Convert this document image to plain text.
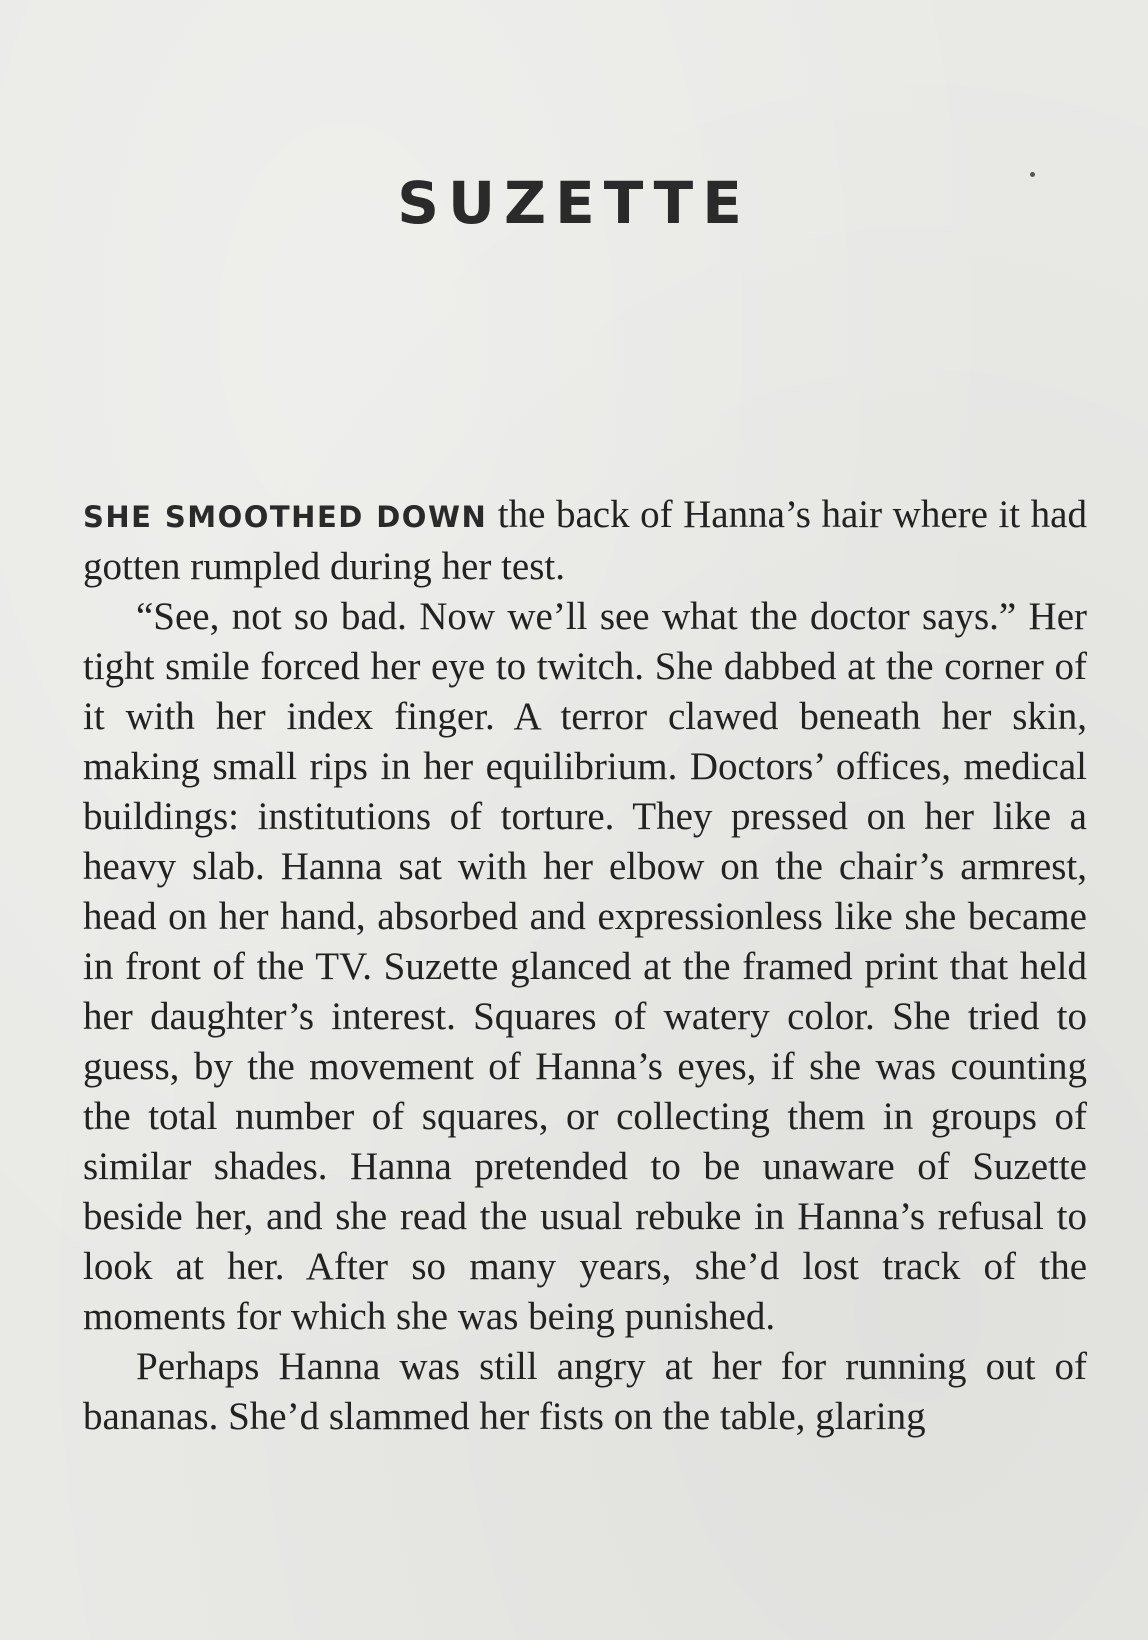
SUZETTE

SHE SMOOTHED DOWN the back of Hanna’s hair where it had gotten rumpled during her test.

“See, not so bad. Now we’ll see what the doctor says.” Her tight smile forced her eye to twitch. She dabbed at the corner of it with her index finger. A terror clawed beneath her skin, making small rips in her equilibrium. Doctors’ offices, medical buildings: institutions of torture. They pressed on her like a heavy slab. Hanna sat with her elbow on the chair’s armrest, head on her hand, absorbed and expressionless like she became in front of the TV. Suzette glanced at the framed print that held her daughter’s interest. Squares of watery color. She tried to guess, by the movement of Hanna’s eyes, if she was counting the total number of squares, or collecting them in groups of similar shades. Hanna pretended to be unaware of Suzette beside her, and she read the usual rebuke in Hanna’s refusal to look at her. After so many years, she’d lost track of the moments for which she was being punished.

Perhaps Hanna was still angry at her for running out of bananas. She’d slammed her fists on the table, glaring
